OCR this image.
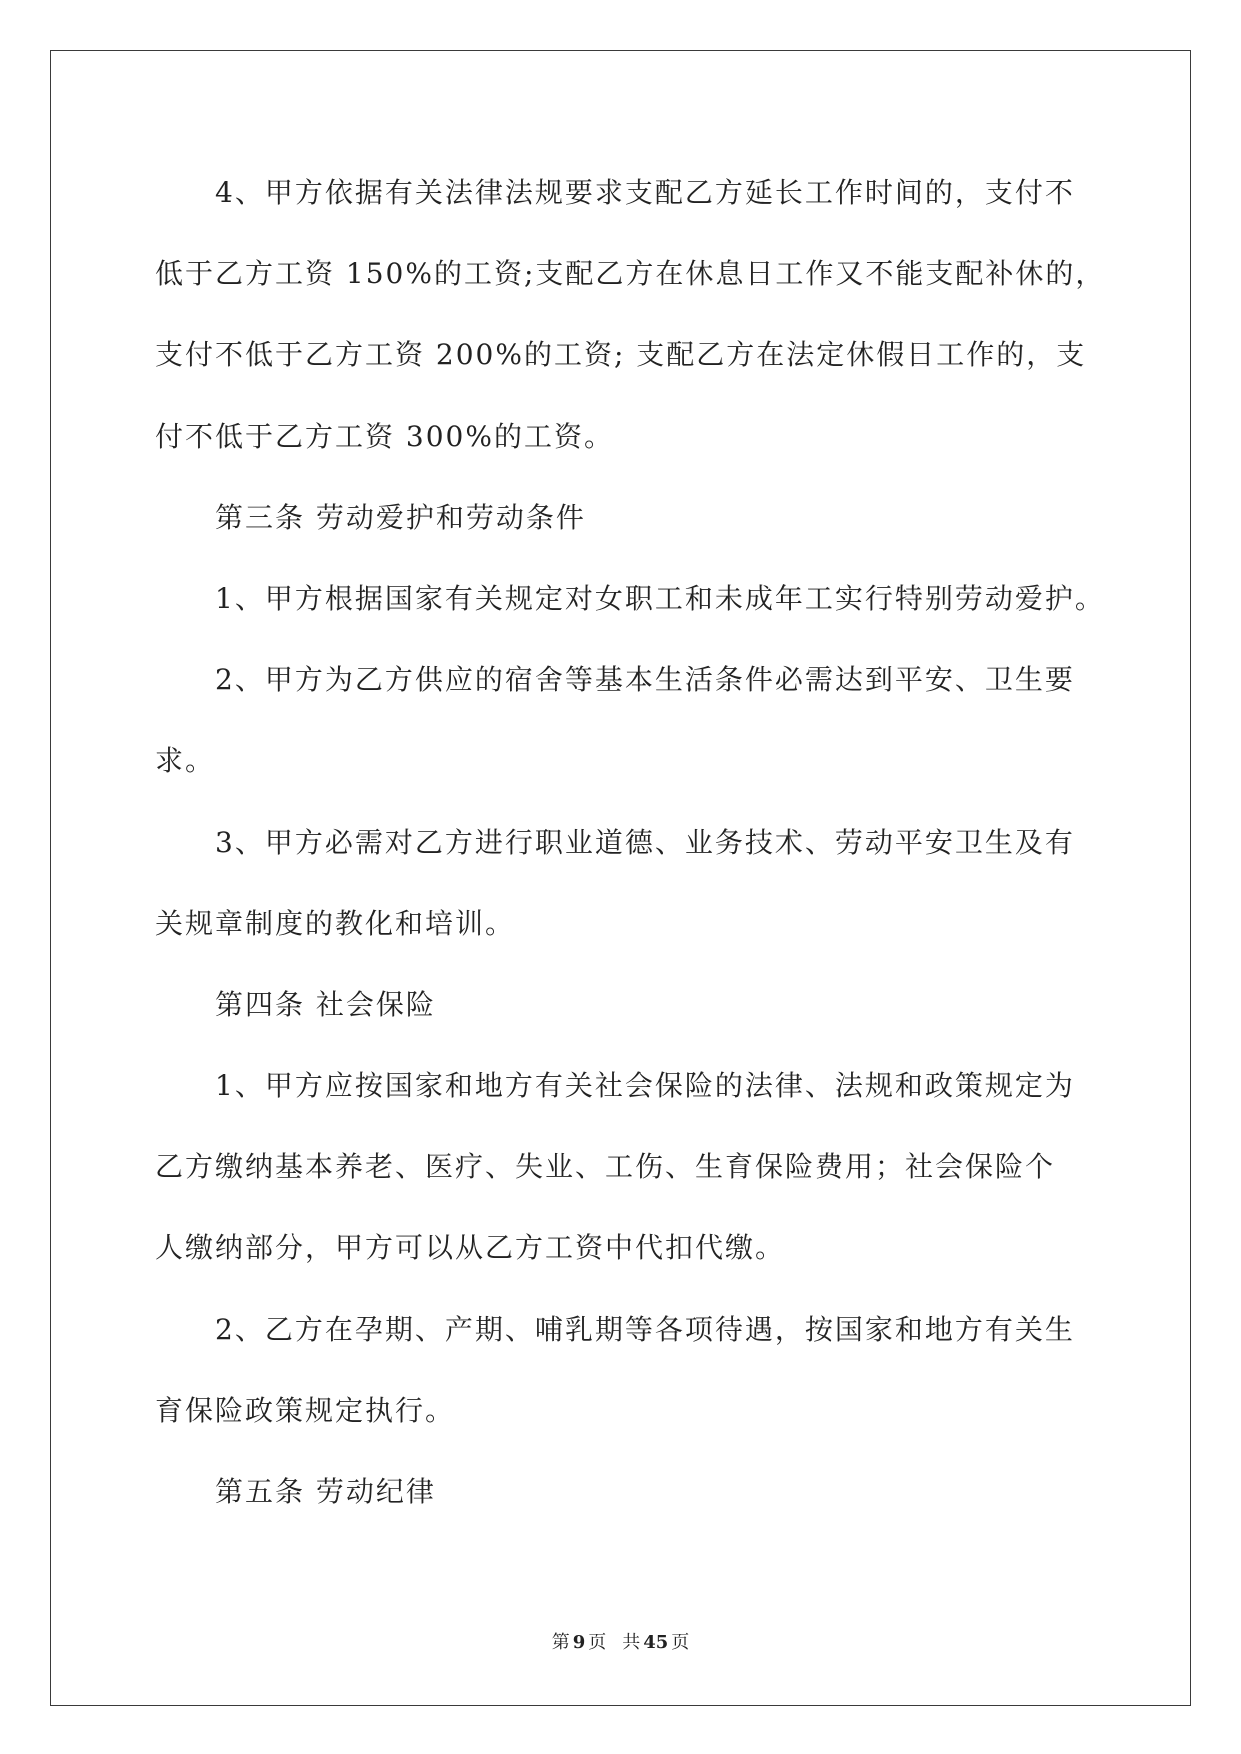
4、甲方依据有关法律法规要求支配乙方延长工作时间的，支付不
低于乙方工资 150%的工资;支配乙方在休息日工作又不能支配补休的，
支付不低于乙方工资 200%的工资; 支配乙方在法定休假日工作的，支
付不低于乙方工资 300%的工资。
第三条 劳动爱护和劳动条件
1、甲方根据国家有关规定对女职工和未成年工实行特别劳动爱护。
2、甲方为乙方供应的宿舍等基本生活条件必需达到平安、卫生要
求。
3、甲方必需对乙方进行职业道德、业务技术、劳动平安卫生及有
关规章制度的教化和培训。
第四条 社会保险
1、甲方应按国家和地方有关社会保险的法律、法规和政策规定为
乙方缴纳基本养老、医疗、失业、工伤、生育保险费用；社会保险个
人缴纳部分，甲方可以从乙方工资中代扣代缴。
2、乙方在孕期、产期、哺乳期等各项待遇，按国家和地方有关生
育保险政策规定执行。
第五条 劳动纪律
第 9 页 共 45 页
